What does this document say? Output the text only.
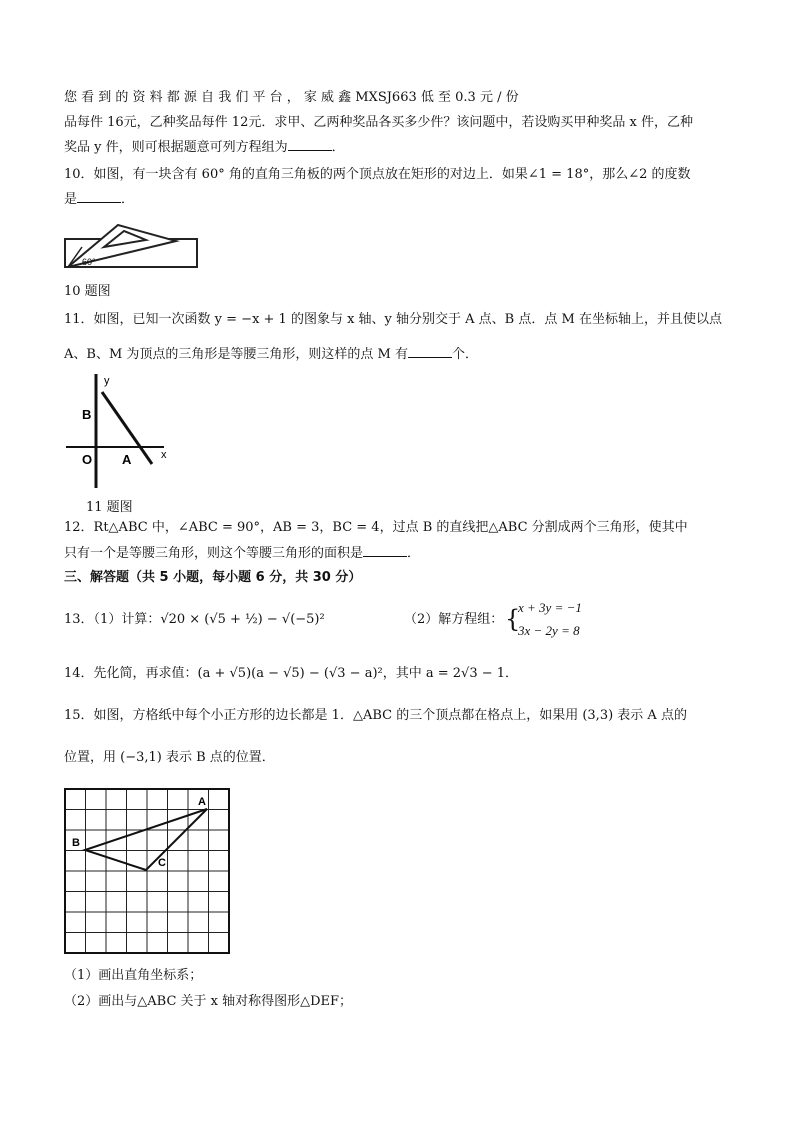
您 看 到 的 资 料 都 源 自 我 们 平 台 ， 家 威 鑫 MXSJ663 低 至 0.3 元 / 份
品每件 16元，乙种奖品每件 12元．求甲、乙两种奖品各买多少件？该问题中，若设购买甲种奖品 x 件，乙种
奖品 y 件，则可根据题意可列方程组为	．
10．如图，有一块含有 60° 角的直角三角板的两个顶点放在矩形的对边上．如果∠1 = 18°，那么∠2 的度数
是	．
60°
10 题图
11．如图，已知一次函数 y = −x + 1 的图象与 x 轴、y 轴分别交于 A 点、B 点．点 M 在坐标轴上，并且使以点
A、B、M 为顶点的三角形是等腰三角形，则这样的点 M 有	个．
y
x
B
O A
11 题图
12．Rt△ABC 中，∠ABC = 90°，AB = 3，BC = 4，过点 B 的直线把△ABC 分割成两个三角形，使其中
只有一个是等腰三角形，则这个等腰三角形的面积是	．
三、解答题（共 5 小题，每小题 6 分，共 30 分）
13．（1）计算：√20 × (√5 + ½) − √(−5)²	（2）解方程组： {
x + 3y = −1
3x − 2y = 8
14．先化简，再求值：(a + √5)(a − √5) − (√3 − a)²，其中 a = 2√3 − 1．
15．如图，方格纸中每个小正方形的边长都是 1．△ABC 的三个顶点都在格点上，如果用 (3,3) 表示 A 点的
位置，用 (−3,1) 表示 B 点的位置．
A
B
C
（1）画出直角坐标系；
（2）画出与△ABC 关于 x 轴对称得图形△DEF；
